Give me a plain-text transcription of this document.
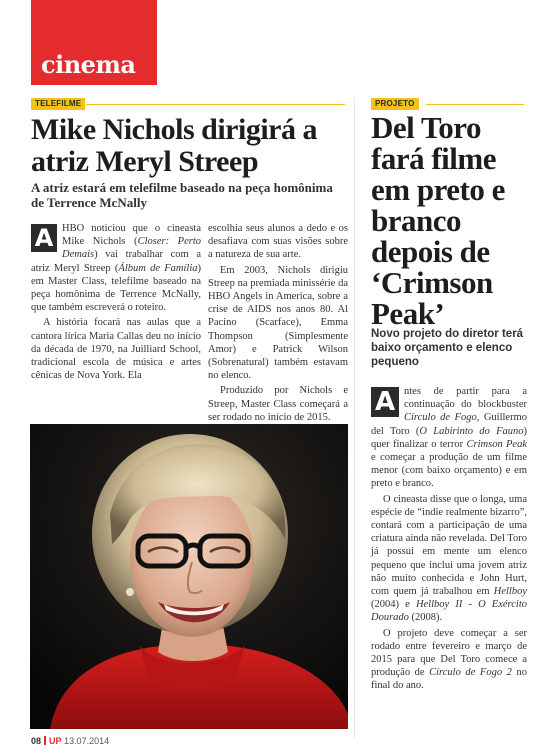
cinema
TELEFILME
Mike Nichols dirigirá a atriz Meryl Streep
A atriz estará em telefilme baseado na peça homônima de Terrence McNally

A HBO noticiou que o cineasta Mike Nichols (Closer: Perto Demais) vai trabalhar com a atriz Meryl Streep (Álbum de Família) em Master Class, telefilme baseado na peça homônima de Terrence McNally, que também escreverá o roteiro.

A história focará nas aulas que a cantora lírica Maria Callas deu no início da década de 1970, na Juilliard School, tradicional escola de música e artes cênicas de Nova York. Ela

escolhia seus alunos a dedo e os desafiava com suas visões sobre a natureza de sua arte.

Em 2003, Nichols dirigiu Streep na premiada minissérie da HBO Angels in America, sobre a crise de AIDS nos anos 80. Al Pacino (Scarface), Emma Thompson (Simplesmente Amor) e Patrick Wilson (Sobrenatural) também estavam no elenco.

Produzido por Nichols e Streep, Master Class começará a ser rodado no início de 2015.

PROJETO
Del Toro fará filme em preto e branco depois de ‘Crimson Peak’
Novo projeto do diretor terá baixo orçamento e elenco pequeno

A ntes de partir para a continuação do blockbuster Círculo de Fogo, Guillermo del Toro (O Labirinto do Fauno) quer finalizar o terror Crimson Peak e começar a produção de um filme menor (com baixo orçamento) e em preto e branco.

O cineasta disse que o longa, uma espécie de “indie realmente bizarro”, contará com a participação de uma criatura ainda não revelada. Del Toro já possui em mente um elenco pequeno que inclui uma jovem atriz não muito conhecida e John Hurt, com quem já trabalhou em Hellboy (2004) e Hellboy II - O Exército Dourado (2008).

O projeto deve começar a ser rodado entre fevereiro e março de 2015 para que Del Toro comece a produção de Círculo de Fogo 2 no final do ano.

08 UP 13.07.2014
